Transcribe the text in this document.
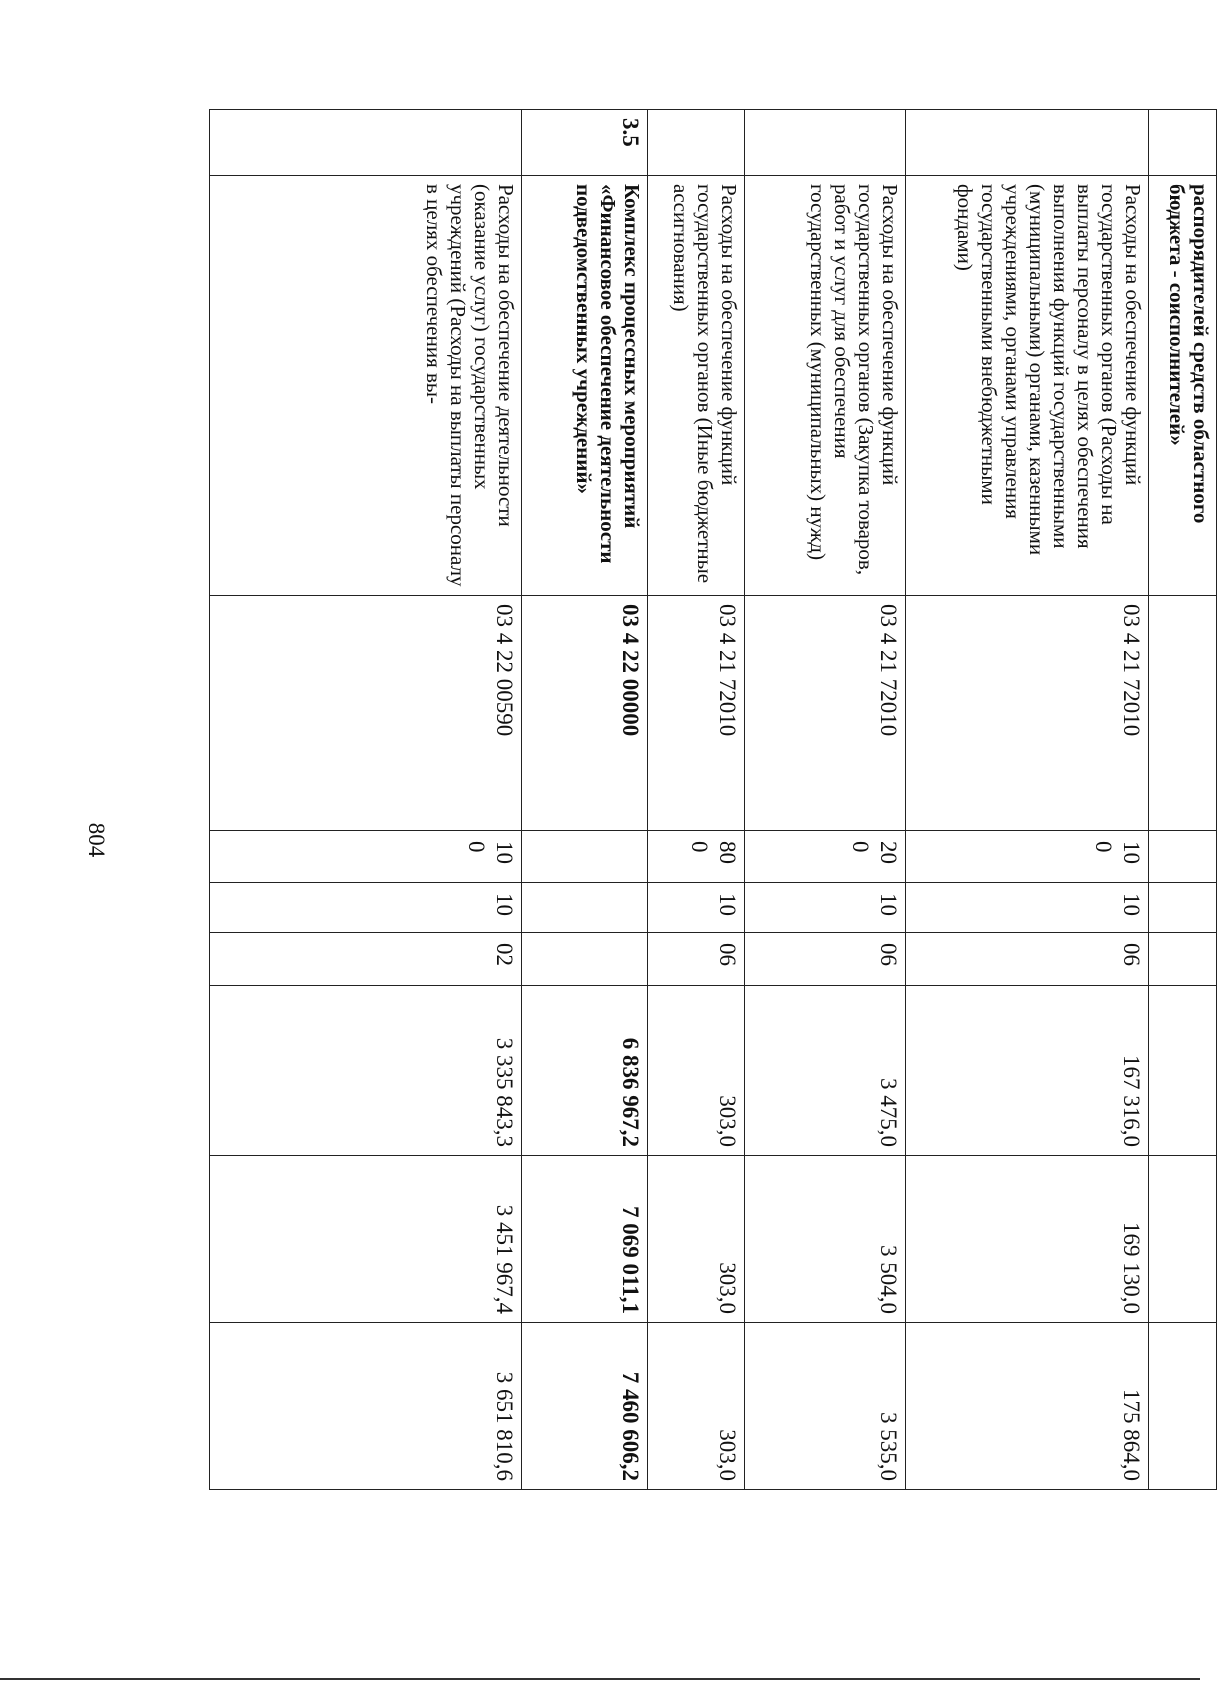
804
	распорядителей средств областного бюджета - соисполнителей»							
	Расходы на обеспечение функций государственных органов (Расходы на выплаты персоналу в целях обеспечения выполнения функций государственными (муниципальными) органами, казенными учреждениями, органами управления государственными внебюджетными фондами)	03 4 21 72010	100	10	06	167 316,0	169 130,0	175 864,0
	Расходы на обеспечение функций государственных органов (Закупка товаров, работ и услуг для обеспечения государственных (муниципальных) нужд)	03 4 21 72010	200	10	06	3 475,0	3 504,0	3 535,0
	Расходы на обеспечение функций государственных органов (Иные бюджетные ассигнования)	03 4 21 72010	800	10	06	303,0	303,0	303,0
3.5	Комплекс процессных мероприятий «Финансовое обеспечение деятельности подведомственных учреждений»	03 4 22 00000				6 836 967,2	7 069 011,1	7 460 606,2
	Расходы на обеспечение деятельности (оказание услуг) государственных учреждений (Расходы на выплаты персоналу в целях обеспечения вы-	03 4 22 00590	100	10	02	3 335 843,3	3 451 967,4	3 651 810,6
